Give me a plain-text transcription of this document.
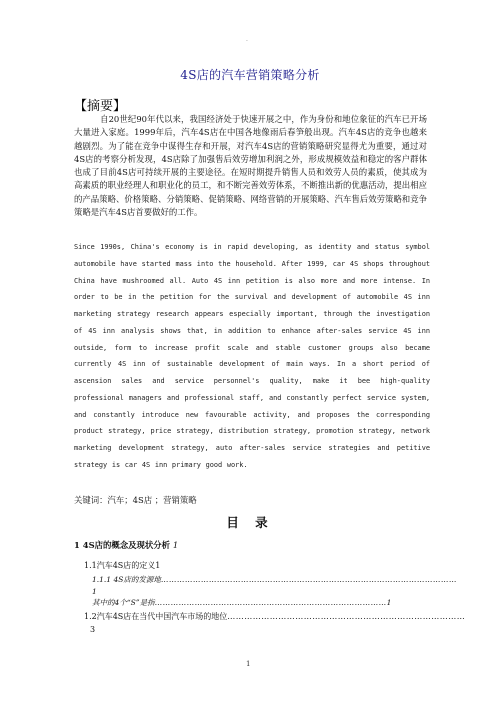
.
4S店的汽车营销策略分析
【摘要】
自20世纪90年代以来，我国经济处于快速开展之中，作为身份和地位象征的汽车已开场大量进入家庭。1999年后，汽车4S店在中国各地像雨后春笋般出现。汽车4S店的竞争也越来越剧烈。为了能在竞争中谋得生存和开展，对汽车4S店的营销策略研究显得尤为重要，通过对4S店的考察分析发现，4S店除了加强售后效劳增加利润之外，形成规模效益和稳定的客户群体也成了目前4S店可持续开展的主要途径。在短时期提升销售人员和效劳人员的素质，使其成为高素质的职业经理人和职业化的员工，和不断完善效劳体系，不断推出新的优惠活动，提出相应的产品策略、价格策略、分销策略、促销策略、网络营销的开展策略、汽车售后效劳策略和竞争策略是汽车4S店首要做好的工作。
Since 1990s, China's economy is in rapid developing, as identity and status symbol automobile have started mass into the household. After 1999, car 4S shops throughout China have mushroomed all. Auto 4S inn petition is also more and more intense. In order to be in the petition for the survival and development of automobile 4S inn marketing strategy research appears especially important, through the investigation of 4S inn analysis shows that, in addition to enhance after-sales service 4S inn outside, form to increase profit scale and stable customer groups also became currently 4S inn of sustainable development of main ways. In a short period of ascension sales and service personnel's quality, make it bee high-quality professional managers and professional staff, and constantly perfect service system, and constantly introduce new favourable activity, and proposes the corresponding product strategy, price strategy, distribution strategy, promotion strategy, network marketing development strategy, auto after-sales service strategies and petitive strategy is car 4S inn primary good work.
关键词：汽车；4S店 ；营销策略
目 录
1 4S店的概念及现状分析 1
1.1汽车4S店的定义1
1.1.1 4S店的发源地…………………………………………………………………………………………………
1
其中的4个“S”是指……………………………………………………………………………1
1.2汽车4S店在当代中国汽车市场的地位…………………………………………………………………………
3
1
